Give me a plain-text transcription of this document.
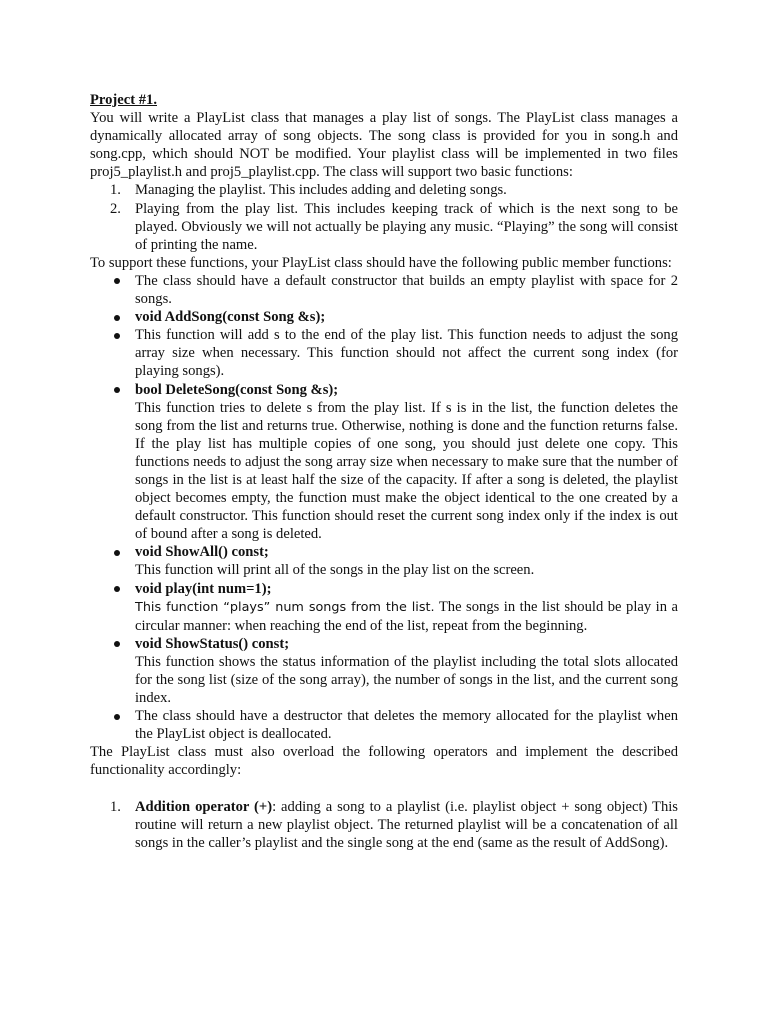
Project #1.

You will write a PlayList class that manages a play list of songs. The PlayList class manages a dynamically allocated array of song objects. The song class is provided for you in song.h and song.cpp, which should NOT be modified. Your playlist class will be implemented in two files proj5_playlist.h and proj5_playlist.cpp. The class will support two basic functions:

1. Managing the playlist. This includes adding and deleting songs.
2. Playing from the play list. This includes keeping track of which is the next song to be played. Obviously we will not actually be playing any music. “Playing” the song will consist of printing the name.

To support these functions, your PlayList class should have the following public member functions:

The class should have a default constructor that builds an empty playlist with space for 2 songs.
void AddSong(const Song &s);
This function will add s to the end of the play list. This function needs to adjust the song array size when necessary. This function should not affect the current song index (for playing songs).
bool DeleteSong(const Song &s);
This function tries to delete s from the play list. If s is in the list, the function deletes the song from the list and returns true. Otherwise, nothing is done and the function returns false. If the play list has multiple copies of one song, you should just delete one copy. This functions needs to adjust the song array size when necessary to make sure that the number of songs in the list is at least half the size of the capacity. If after a song is deleted, the playlist object becomes empty, the function must make the object identical to the one created by a default constructor. This function should reset the current song index only if the index is out of bound after a song is deleted.
void ShowAll() const;
This function will print all of the songs in the play list on the screen.
void play(int num=1);
This function “plays” num songs from the list. The songs in the list should be play in a circular manner: when reaching the end of the list, repeat from the beginning.
void ShowStatus() const;
This function shows the status information of the playlist including the total slots allocated for the song list (size of the song array), the number of songs in the list, and the current song index.
The class should have a destructor that deletes the memory allocated for the playlist when the PlayList object is deallocated.

The PlayList class must also overload the following operators and implement the described functionality accordingly:

1. Addition operator (+): adding a song to a playlist (i.e. playlist object + song object) This routine will return a new playlist object. The returned playlist will be a concatenation of all songs in the caller’s playlist and the single song at the end (same as the result of AddSong).
